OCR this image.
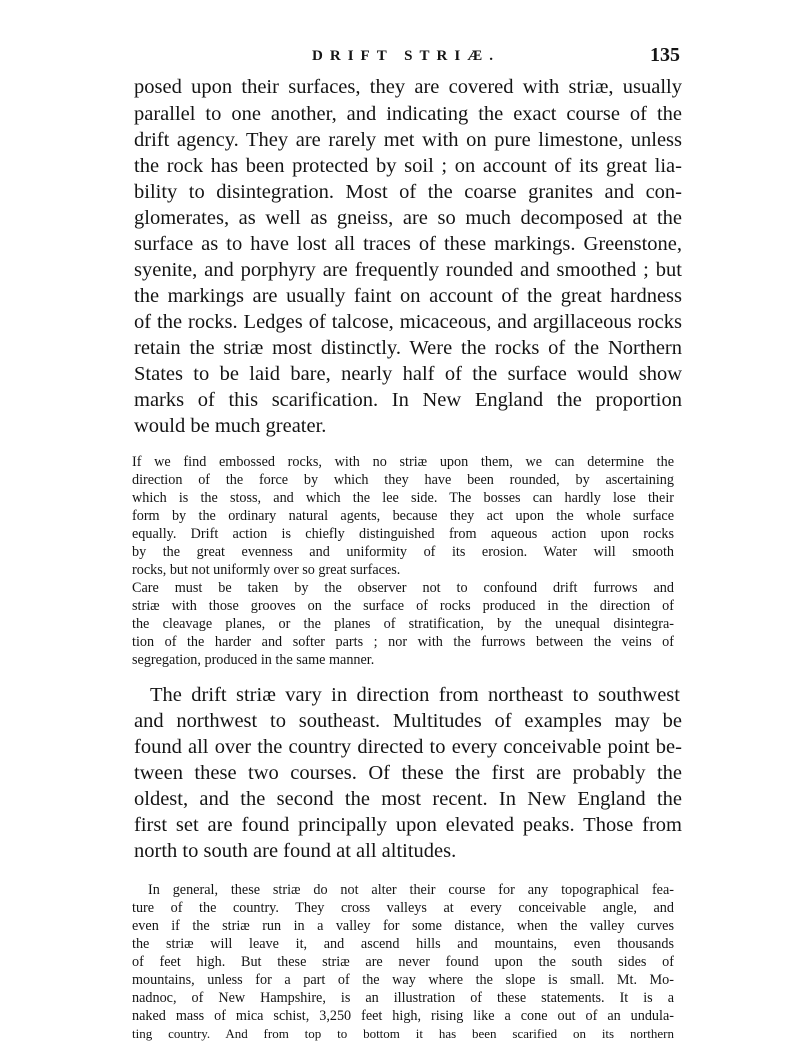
DRIFT STRIÆ.	135
posed upon their surfaces, they are covered with striæ, usually
parallel to one another, and indicating the exact course of the
drift agency. They are rarely met with on pure limestone, unless
the rock has been protected by soil ; on account of its great lia-
bility to disintegration. Most of the coarse granites and con-
glomerates, as well as gneiss, are so much decomposed at the
surface as to have lost all traces of these markings. Greenstone,
syenite, and porphyry are frequently rounded and smoothed ; but
the markings are usually faint on account of the great hardness
of the rocks. Ledges of talcose, micaceous, and argillaceous rocks
retain the striæ most distinctly. Were the rocks of the Northern
States to be laid bare, nearly half of the surface would show
marks of this scarification. In New England the proportion
would be much greater.
If we find embossed rocks, with no striæ upon them, we can determine the
direction of the force by which they have been rounded, by ascertaining
which is the stoss, and which the lee side. The bosses can hardly lose their
form by the ordinary natural agents, because they act upon the whole surface
equally. Drift action is chiefly distinguished from aqueous action upon rocks
by the great evenness and uniformity of its erosion. Water will smooth
rocks, but not uniformly over so great surfaces.
Care must be taken by the observer not to confound drift furrows and
striæ with those grooves on the surface of rocks produced in the direction of
the cleavage planes, or the planes of stratification, by the unequal disintegra-
tion of the harder and softer parts ; nor with the furrows between the veins of
segregation, produced in the same manner.
The drift striæ vary in direction from northeast to southwest
and northwest to southeast. Multitudes of examples may be
found all over the country directed to every conceivable point be-
tween these two courses. Of these the first are probably the
oldest, and the second the most recent. In New England the
first set are found principally upon elevated peaks. Those from
north to south are found at all altitudes.
In general, these striæ do not alter their course for any topographical fea-
ture of the country. They cross valleys at every conceivable angle, and
even if the striæ run in a valley for some distance, when the valley curves
the striæ will leave it, and ascend hills and mountains, even thousands
of feet high. But these striæ are never found upon the south sides of
mountains, unless for a part of the way where the slope is small. Mt. Mo-
nadnoc, of New Hampshire, is an illustration of these statements. It is a
naked mass of mica schist, 3,250 feet high, rising like a cone out of an undula-
ting country. And from top to bottom it has been scarified on its northern
